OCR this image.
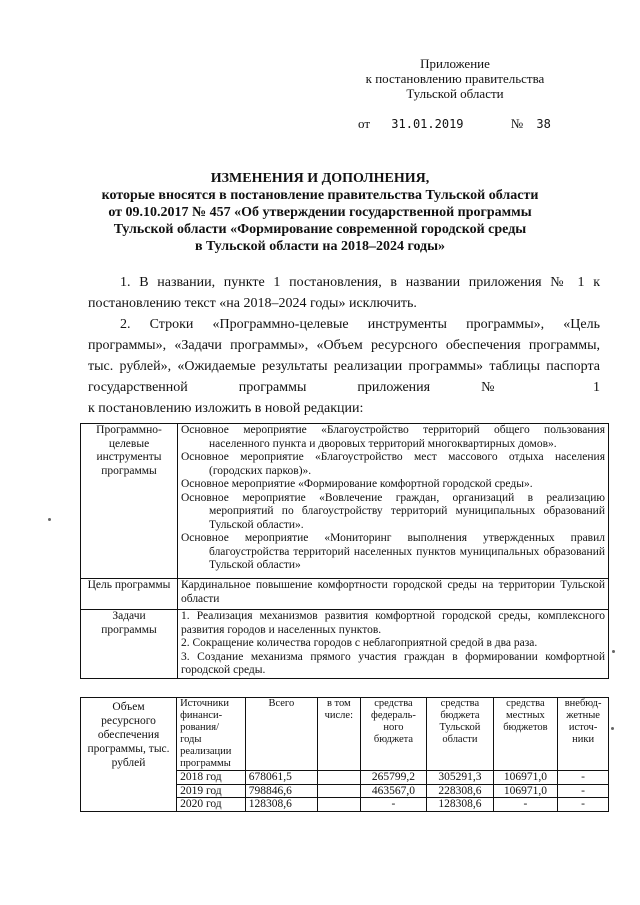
Приложение
к постановлению правительства
Тульской области
от 31.01.2019	№ 38
ИЗМЕНЕНИЯ И ДОПОЛНЕНИЯ,
которые вносятся в постановление правительства Тульской области
от 09.10.2017 № 457 «Об утверждении государственной программы
Тульской области «Формирование современной городской среды
в Тульской области на 2018–2024 годы»
1. В названии, пункте 1 постановления, в названии приложения № 1 к постановлению текст «на 2018–2024 годы» исключить.
2. Строки «Программно-целевые инструменты программы», «Цель программы», «Задачи программы», «Объем ресурсного обеспечения программы, тыс. рублей», «Ожидаемые результаты реализации программы» таблицы паспорта государственной программы приложения № 1
к постановлению изложить в новой редакции:
Программно-целевые инструменты программы	Основное мероприятие «Благоустройство территорий общего пользования населенного пункта и дворовых территорий многоквартирных домов».
Основное мероприятие «Благоустройство мест массового отдыха населения (городских парков)».
Основное мероприятие «Формирование комфортной городской среды».
Основное мероприятие «Вовлечение граждан, организаций в реализацию мероприятий по благоустройству территорий муниципальных образований Тульской области».
Основное мероприятие «Мониторинг выполнения утвержденных правил благоустройства территорий населенных пунктов муниципальных образований Тульской области»

Цель программы	Кардинальное повышение комфортности городской среды на территории Тульской области
Задачи программы	1. Реализация механизмов развития комфортной городской среды, комплексного развития городов и населенных пунктов.
2. Сокращение количества городов с неблагоприятной средой в два раза.
3. Создание механизма прямого участия граждан в формировании комфортной городской среды.
Объем ресурсного обеспечения программы, тыс. рублей	Источники финанси-рования/ годы реализации программы	Всего	в том числе:	средства федераль-ного бюджета	средства бюджета Тульской области	средства местных бюджетов	внебюд-жетные источ-ники
	2018 год	678061,5		265799,2	305291,3	106971,0	-
	2019 год	798846,6		463567,0	228308,6	106971,0	-
	2020 год	128308,6		-	128308,6	-	-
